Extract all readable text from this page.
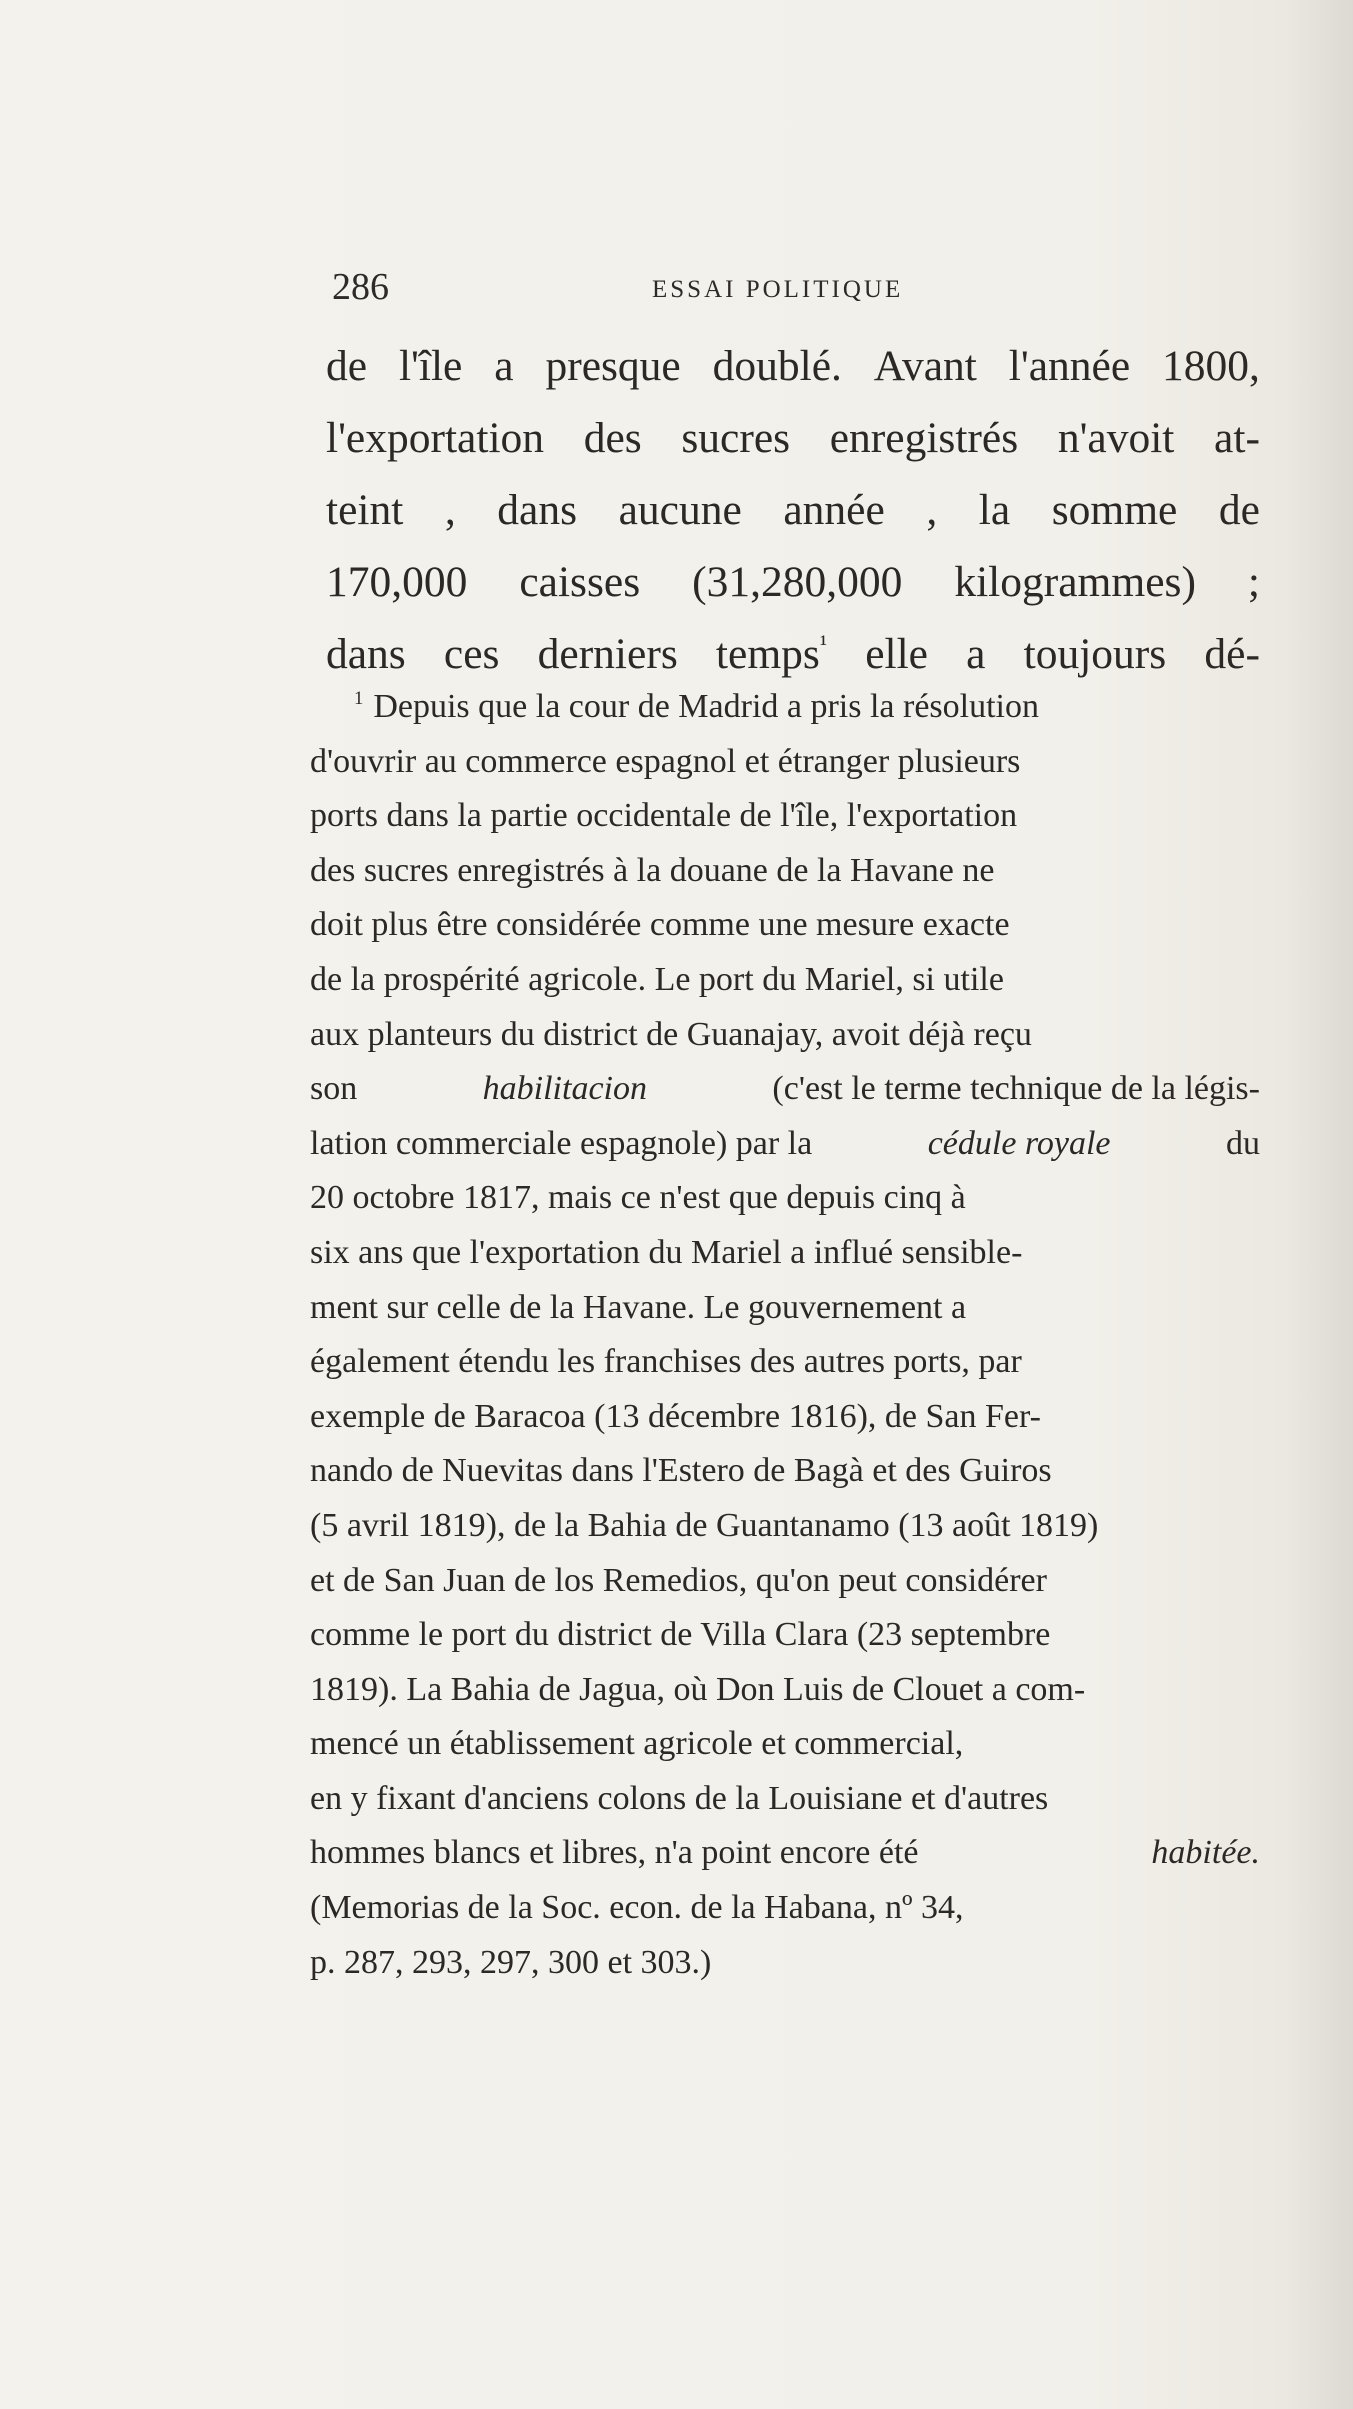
286	ESSAI POLITIQUE
de l'île a presque doublé. Avant l'année 1800,
l'exportation des sucres enregistrés n'avoit at-
teint , dans aucune année , la somme de
170,000 caisses (31,280,000 kilogrammes) ;
dans ces derniers temps$^{^1}$ elle a toujours dé-
$^1$ Depuis que la cour de Madrid a pris la résolution
d'ouvrir au commerce espagnol et étranger plusieurs
ports dans la partie occidentale de l'île, l'exportation
des sucres enregistrés à la douane de la Havane ne
doit plus être considérée comme une mesure exacte
de la prospérité agricole. Le port du Mariel, si utile
aux planteurs du district de Guanajay, avoit déjà reçu
son	habilitacion	(c'est le terme technique de la légis-
lation commerciale espagnole) par la	cédule royale	du
20 octobre 1817, mais ce n'est que depuis cinq à
six ans que l'exportation du Mariel a influé sensible-
ment sur celle de la Havane. Le gouvernement a
également étendu les franchises des autres ports, par
exemple de Baracoa (13 décembre 1816), de San Fer-
nando de Nuevitas dans l'Estero de Bagà et des Guiros
(5 avril 1819), de la Bahia de Guantanamo (13 août 1819)
et de San Juan de los Remedios, qu'on peut considérer
comme le port du district de Villa Clara (23 septembre
1819). La Bahia de Jagua, où Don Luis de Clouet a com-
mencé un établissement agricole et commercial,
en y fixant d'anciens colons de la Louisiane et d'autres
hommes blancs et libres, n'a point encore été	habitée.
(Memorias de la Soc. econ. de la Habana, nº 34,
p. 287, 293, 297, 300 et 303.)
